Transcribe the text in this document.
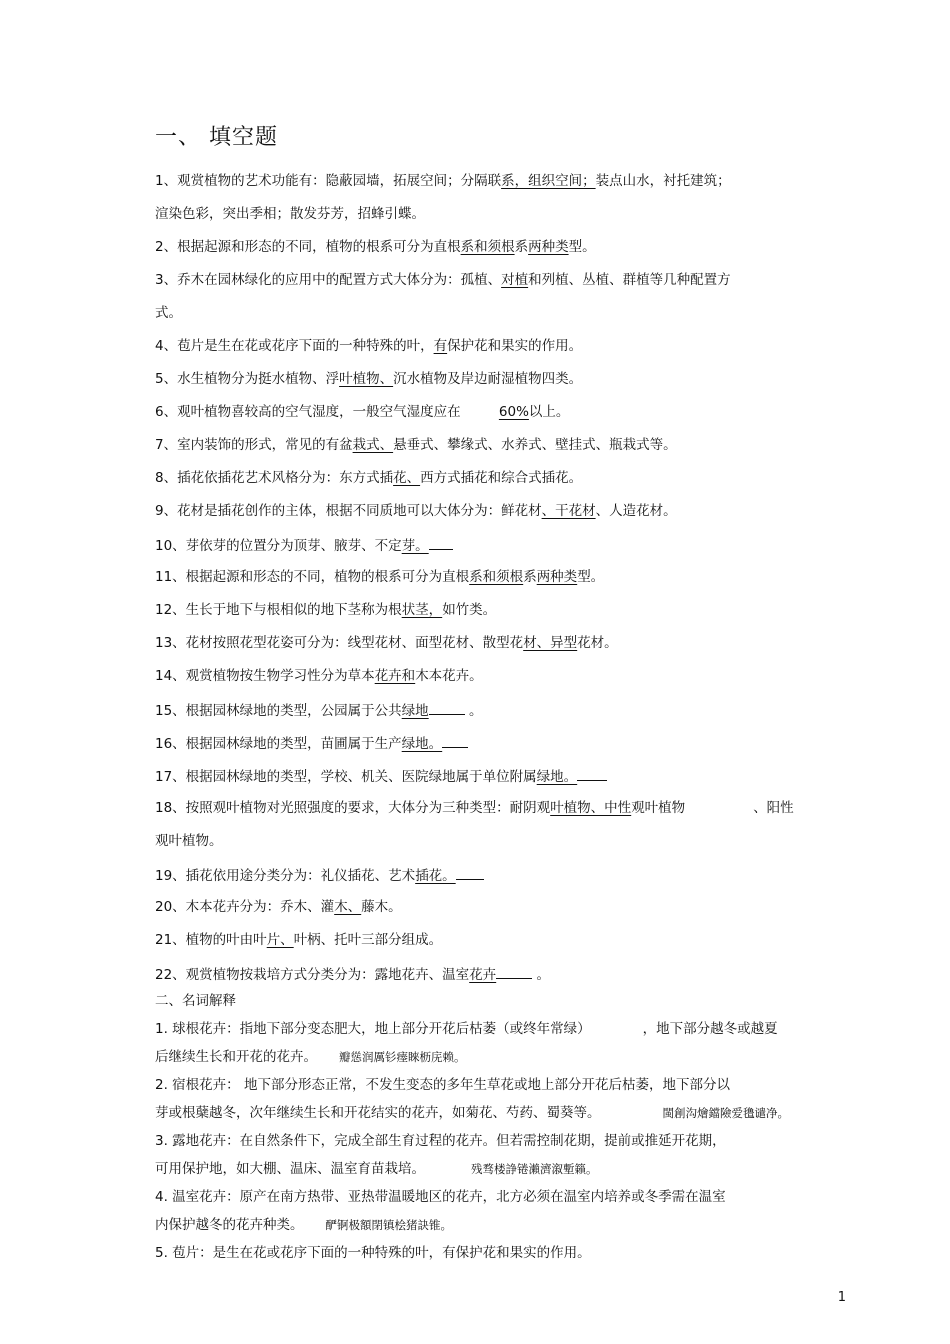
一、 填空题
1、观赏植物的艺术功能有：隐蔽园墙，拓展空间；分隔联系，组织空间；装点山水，衬托建筑；
渲染色彩，突出季相；散发芬芳，招蜂引蝶。
2、根据起源和形态的不同，植物的根系可分为直根系和须根系两种类型。
3、乔木在园林绿化的应用中的配置方式大体分为：孤植、对植和列植、丛植、群植等几种配置方
式。
4、苞片是生在花或花序下面的一种特殊的叶，有保护花和果实的作用。
5、水生植物分为挺水植物、浮叶植物、沉水植物及岸边耐湿植物四类。
6、观叶植物喜较高的空气湿度，一般空气湿度应在	60%以上。
7、室内装饰的形式，常见的有盆栽式、悬垂式、攀缘式、水养式、壁挂式、瓶栽式等。
8、插花依插花艺术风格分为：东方式插花、西方式插花和综合式插花。
9、花材是插花创作的主体，根据不同质地可以大体分为：鲜花材、干花材、人造花材。
10、芽依芽的位置分为顶芽、腋芽、不定芽。
11、根据起源和形态的不同，植物的根系可分为直根系和须根系两种类型。
12、生长于地下与根相似的地下茎称为根状茎，如竹类。
13、花材按照花型花姿可分为：线型花材、面型花材、散型花材、异型花材。
14、观赏植物按生物学习性分为草本花卉和木本花卉。
15、根据园林绿地的类型，公园属于公共绿地	。
16、根据园林绿地的类型，苗圃属于生产绿地。
17、根据园林绿地的类型，学校、机关、医院绿地属于单位附属绿地。
18、按照观叶植物对光照强度的要求，大体分为三种类型：耐阴观叶植物、中性观叶植物	、阳性
观叶植物。
19、插花依用途分类分为：礼仪插花、艺术插花。
20、木本花卉分为：乔木、灌木、藤木。
21、植物的叶由叶片、叶柄、托叶三部分组成。
22、观赏植物按栽培方式分类分为：露地花卉、温室花卉	。
二、名词解释
1. 球根花卉：指地下部分变态肥大，地上部分开花后枯萎（或终年常绿）	，地下部分越冬或越夏
后继续生长和开花的花卉。 瓣慫润厲钐瘗睞枥庑赖。
2. 宿根花卉： 地下部分形态正常，不发生变态的多年生草花或地上部分开花后枯萎，地下部分以
芽或根蘖越冬，次年继续生长和开花结实的花卉，如菊花、芍药、蜀葵等。	閩創沟燴鐺險爱氇谴净。
3. 露地花卉：在自然条件下，完成全部生育过程的花卉。但若需控制花期，提前或推延开花期，
可用保护地，如大棚、温床、温室育苗栽培。	残骛楼諍锩瀨濟溆塹籟。
4. 温室花卉：原产在南方热带、亚热带温暖地区的花卉，北方必须在温室内培养或冬季需在温室
内保护越冬的花卉种类。 酽锕极額閉镇桧猪訣锥。
5. 苞片：是生在花或花序下面的一种特殊的叶，有保护花和果实的作用。
1
